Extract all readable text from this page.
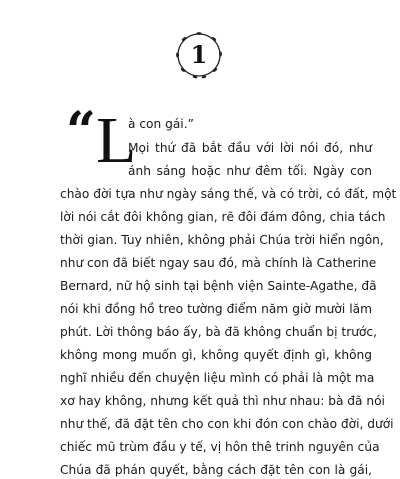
1
“ L
à con gái.”
Mọi thứ đã bắt đầu với lời nói đó, như
ánh sáng hoặc như đêm tối. Ngày con
chào đời tựa như ngày sáng thế, và có trời, có đất, một
lời nói cắt đôi không gian, rẽ đôi đám đông, chia tách
thời gian. Tuy nhiên, không phải Chúa trời hiển ngôn,
như con đã biết ngay sau đó, mà chính là Catherine
Bernard, nữ hộ sinh tại bệnh viện Sainte-Agathe, đã
nói khi đồng hồ treo tường điểm năm giờ mười lăm
phút. Lời thông báo ấy, bà đã không chuẩn bị trước,
không mong muốn gì, không quyết định gì, không
nghĩ nhiều đến chuyện liệu mình có phải là một ma
xơ hay không, nhưng kết quả thì như nhau: bà đã nói
như thế, đã đặt tên cho con khi đón con chào đời, dưới
chiếc mũ trùm đầu y tế, vị hôn thê trinh nguyên của
Chúa đã phán quyết, bằng cách đặt tên con là gái,
